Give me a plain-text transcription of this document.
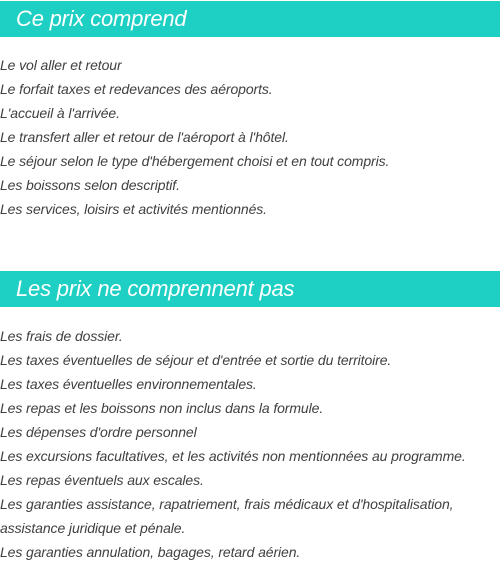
Ce prix comprend
Le vol aller et retour
Le forfait taxes et redevances des aéroports.
L'accueil à l'arrivée.
Le transfert aller et retour de l'aéroport à l'hôtel.
Le séjour selon le type d'hébergement choisi et en tout compris.
Les boissons selon descriptif.
Les services, loisirs et activités mentionnés.
Les prix ne comprennent pas
Les frais de dossier.
Les taxes éventuelles de séjour et d'entrée et sortie du territoire.
Les taxes éventuelles environnementales.
Les repas et les boissons non inclus dans la formule.
Les dépenses d'ordre personnel
Les excursions facultatives, et les activités non mentionnées au programme.
Les repas éventuels aux escales.
Les garanties assistance, rapatriement, frais médicaux et d'hospitalisation, assistance juridique et pénale.
Les garanties annulation, bagages, retard aérien.
